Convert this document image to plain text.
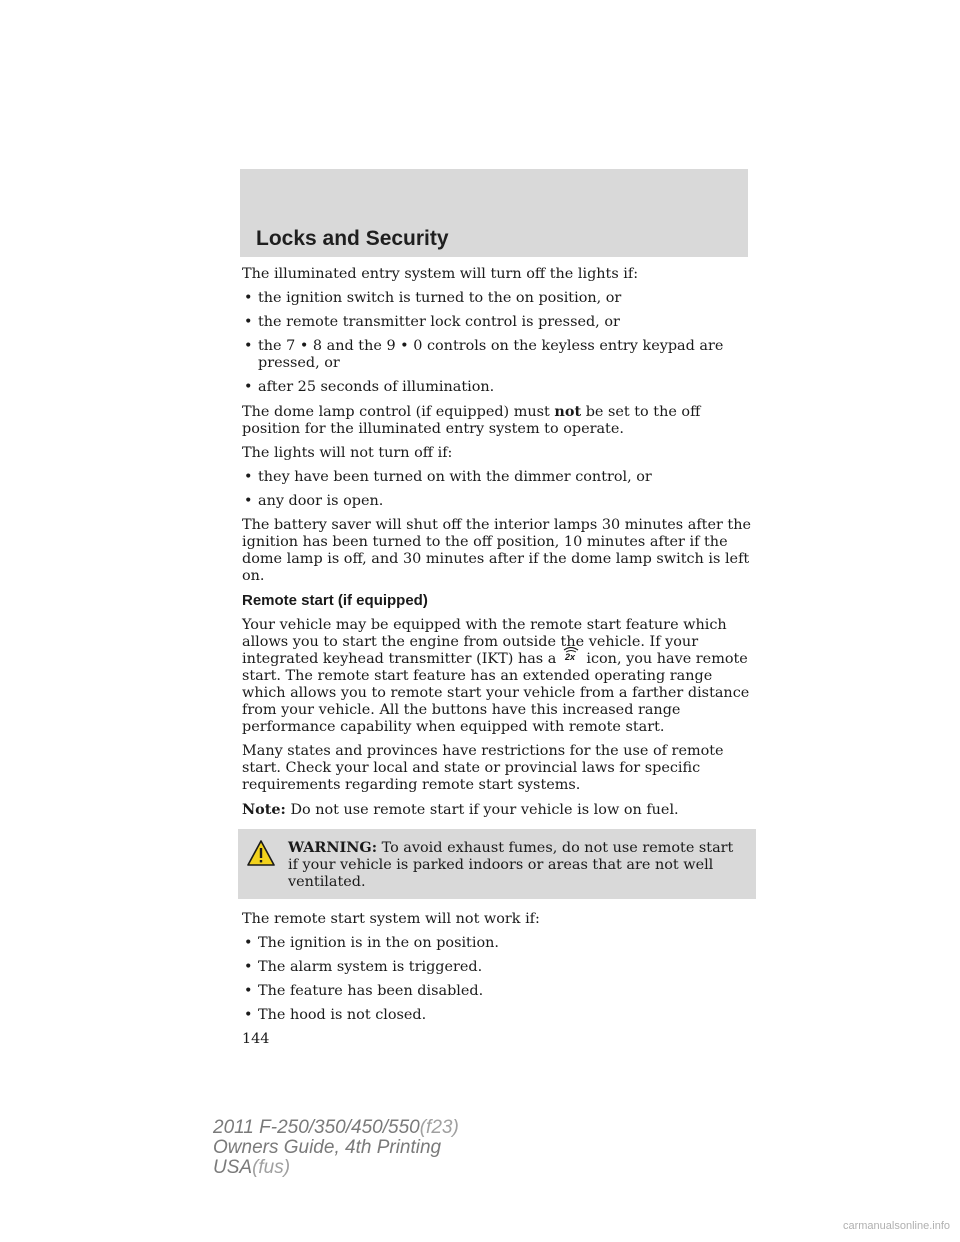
Locks and Security

The illuminated entry system will turn off the lights if:

• the ignition switch is turned to the on position, or
• the remote transmitter lock control is pressed, or
• the 7 • 8 and the 9 • 0 controls on the keyless entry keypad are pressed, or
• after 25 seconds of illumination.

The dome lamp control (if equipped) must not be set to the off position for the illuminated entry system to operate.

The lights will not turn off if:

• they have been turned on with the dimmer control, or
• any door is open.

The battery saver will shut off the interior lamps 30 minutes after the ignition has been turned to the off position, 10 minutes after if the dome lamp is off, and 30 minutes after if the dome lamp switch is left on.

Remote start (if equipped)

Your vehicle may be equipped with the remote start feature which allows you to start the engine from outside the vehicle. If your integrated keyhead transmitter (IKT) has a 2x icon, you have remote start. The remote start feature has an extended operating range which allows you to remote start your vehicle from a farther distance from your vehicle. All the buttons have this increased range performance capability when equipped with remote start.

Many states and provinces have restrictions for the use of remote start. Check your local and state or provincial laws for specific requirements regarding remote start systems.

Note: Do not use remote start if your vehicle is low on fuel.

WARNING: To avoid exhaust fumes, do not use remote start if your vehicle is parked indoors or areas that are not well ventilated.

The remote start system will not work if:

• The ignition is in the on position.
• The alarm system is triggered.
• The feature has been disabled.
• The hood is not closed.
144
2011 F-250/350/450/550(f23)
Owners Guide, 4th Printing
USA(fus)
carmanualsonline.info
